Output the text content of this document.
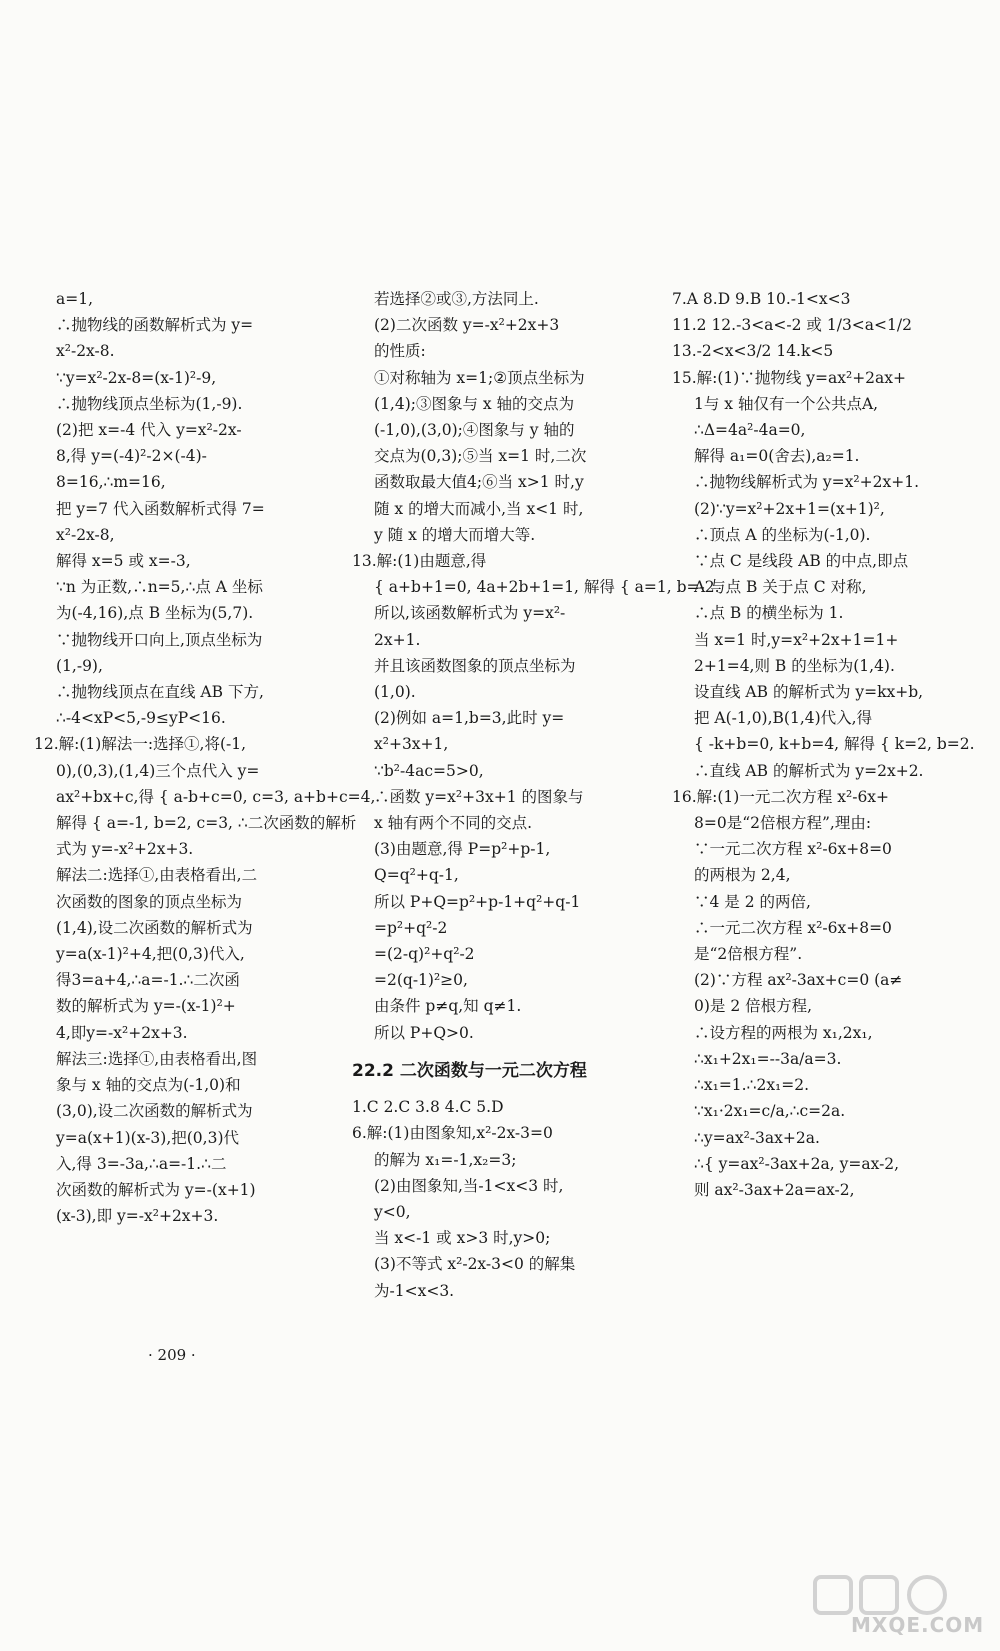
a=1,
∴抛物线的函数解析式为 y=
x²-2x-8.
∵y=x²-2x-8=(x-1)²-9,
∴抛物线顶点坐标为(1,-9).
(2)把 x=-4 代入 y=x²-2x-
8,得 y=(-4)²-2×(-4)-
8=16,∴m=16,
把 y=7 代入函数解析式得 7=
x²-2x-8,
解得 x=5 或 x=-3,
∵n 为正数,∴n=5,∴点 A 坐标
为(-4,16),点 B 坐标为(5,7).
∵抛物线开口向上,顶点坐标为
(1,-9),
∴抛物线顶点在直线 AB 下方,
∴-4<xP<5,-9≤yP<16.
12.解:(1)解法一:选择①,将(-1,
0),(0,3),(1,4)三个点代入 y=
ax²+bx+c,得 { a-b+c=0, c=3, a+b+c=4,
解得 { a=-1, b=2, c=3, ∴二次函数的解析
式为 y=-x²+2x+3.
解法二:选择①,由表格看出,二
次函数的图象的顶点坐标为
(1,4),设二次函数的解析式为
y=a(x-1)²+4,把(0,3)代入,
得3=a+4,∴a=-1.∴二次函
数的解析式为 y=-(x-1)²+
4,即y=-x²+2x+3.
解法三:选择①,由表格看出,图
象与 x 轴的交点为(-1,0)和
(3,0),设二次函数的解析式为
y=a(x+1)(x-3),把(0,3)代
入,得 3=-3a,∴a=-1.∴二
次函数的解析式为 y=-(x+1)
(x-3),即 y=-x²+2x+3.
若选择②或③,方法同上.
(2)二次函数 y=-x²+2x+3
的性质:
①对称轴为 x=1;②顶点坐标为
(1,4);③图象与 x 轴的交点为
(-1,0),(3,0);④图象与 y 轴的
交点为(0,3);⑤当 x=1 时,二次
函数取最大值4;⑥当 x>1 时,y
随 x 的增大而减小,当 x<1 时,
y 随 x 的增大而增大等.
13.解:(1)由题意,得
{ a+b+1=0, 4a+2b+1=1, 解得 { a=1, b=-2.
所以,该函数解析式为 y=x²-
2x+1.
并且该函数图象的顶点坐标为
(1,0).
(2)例如 a=1,b=3,此时 y=
x²+3x+1,
∵b²-4ac=5>0,
∴函数 y=x²+3x+1 的图象与
x 轴有两个不同的交点.
(3)由题意,得 P=p²+p-1,
Q=q²+q-1,
所以 P+Q=p²+p-1+q²+q-1
=p²+q²-2
=(2-q)²+q²-2
=2(q-1)²≥0,
由条件 p≠q,知 q≠1.
所以 P+Q>0.
22.2 二次函数与一元二次方程
1.C 2.C 3.8 4.C 5.D
6.解:(1)由图象知,x²-2x-3=0
的解为 x₁=-1,x₂=3;
(2)由图象知,当-1<x<3 时,
y<0,
当 x<-1 或 x>3 时,y>0;
(3)不等式 x²-2x-3<0 的解集
为-1<x<3.
7.A 8.D 9.B 10.-1<x<3
11.2 12.-3<a<-2 或 1/3<a<1/2
13.-2<x<3/2 14.k<5
15.解:(1)∵抛物线 y=ax²+2ax+
1与 x 轴仅有一个公共点A,
∴Δ=4a²-4a=0,
解得 a₁=0(舍去),a₂=1.
∴抛物线解析式为 y=x²+2x+1.
(2)∵y=x²+2x+1=(x+1)²,
∴顶点 A 的坐标为(-1,0).
∵点 C 是线段 AB 的中点,即点
A 与点 B 关于点 C 对称,
∴点 B 的横坐标为 1.
当 x=1 时,y=x²+2x+1=1+
2+1=4,则 B 的坐标为(1,4).
设直线 AB 的解析式为 y=kx+b,
把 A(-1,0),B(1,4)代入,得
{ -k+b=0, k+b=4, 解得 { k=2, b=2.
∴直线 AB 的解析式为 y=2x+2.
16.解:(1)一元二次方程 x²-6x+
8=0是“2倍根方程”,理由:
∵一元二次方程 x²-6x+8=0
的两根为 2,4,
∵4 是 2 的两倍,
∴一元二次方程 x²-6x+8=0
是“2倍根方程”.
(2)∵方程 ax²-3ax+c=0 (a≠
0)是 2 倍根方程,
∴设方程的两根为 x₁,2x₁,
∴x₁+2x₁=--3a/a=3.
∴x₁=1.∴2x₁=2.
∵x₁·2x₁=c/a,∴c=2a.
∴y=ax²-3ax+2a.
∴{ y=ax²-3ax+2a, y=ax-2,
则 ax²-3ax+2a=ax-2,
· 209 ·
MXQE.COM
